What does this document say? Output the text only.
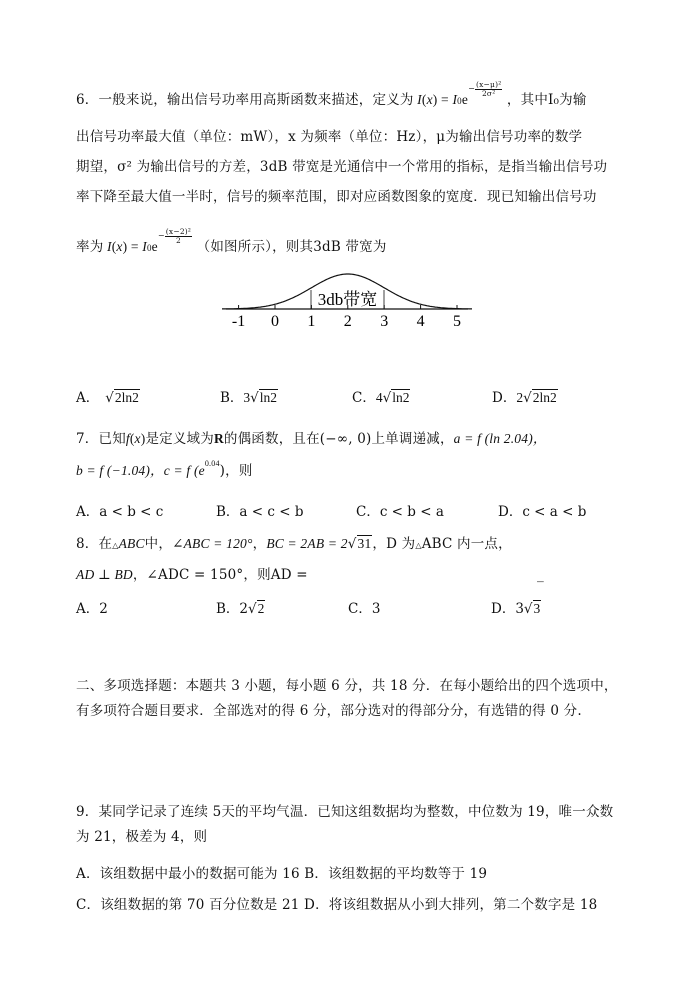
6．一般来说，输出信号功率用高斯函数来描述，定义为 $I(x) = I0e^{-\frac{\text{(x−μ)²}}{\text{2σ²}}}$ ，其中I₀为输
出信号功率最大值（单位：mW），x 为频率（单位：Hz），μ为输出信号功率的数学
期望，σ² 为输出信号的方差，3dB 带宽是光通信中一个常用的指标，是指当输出信号功
率下降至最大值一半时，信号的频率范围，即对应函数图象的宽度．现已知输出信号功
率为 $I(x) = I0e^{-\frac{\text{(x−2)²}}{2}}$ （如图所示），则其3dB 带宽为
3db带宽
-1 0 1 2 3 4 5
A． √2ln2	B．3√ln2	C．4√ln2	D．2√2ln2
7．已知f(x)是定义域为R的偶函数，且在(−∞, 0)上单调递减，a = f (ln 2.04)，
b = f (−1.04)，c = f $(e^{0.04})$，则
A．a < b < c	B．a < c < b	C．c < b < a	D．c < a < b
8．在△ABC中，∠ABC = 120°，BC = 2AB = 2√31，D 为△ABC 内一点，
AD ⊥ BD，∠ADC = 150°，则AD =	_
A．2	B．2√2	C．3	D．3√3
二、多项选择题：本题共 3 小题，每小题 6 分，共 18 分．在每小题给出的四个选项中，
有多项符合题目要求．全部选对的得 6 分，部分选对的得部分分，有选错的得 0 分.
9．某同学记录了连续 5天的平均气温．已知这组数据均为整数，中位数为 19，唯一众数
为 21，极差为 4，则
A．该组数据中最小的数据可能为 16 B．该组数据的平均数等于 19
C．该组数据的第 70 百分位数是 21 D．将该组数据从小到大排列，第二个数字是 18
